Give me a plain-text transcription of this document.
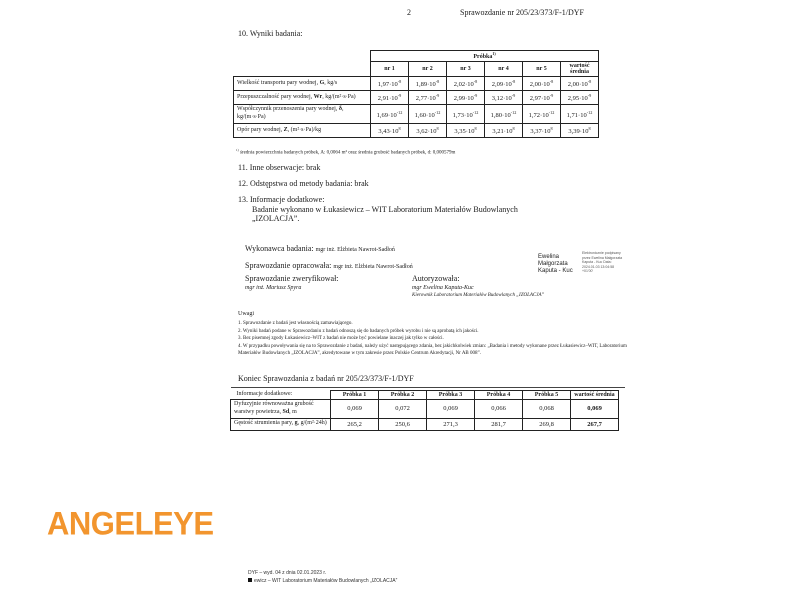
2	Sprawozdanie nr 205/23/373/F-1/DYF
10. Wyniki badania:
	Próbka$^{1)}$
	nr 1	nr 2	nr 3	nr 4	nr 5	wartość średnia
Wielkość transportu pary wodnej, G, kg/s	$1,97\cdot 10^{-8}$	$1,89\cdot 10^{-8}$	$2,02\cdot 10^{-8}$	$2,09\cdot 10^{-8}$	$2,00\cdot 10^{-8}$	$2,00\cdot 10^{-8}$
Przepuszczalność pary wodnej, Wr, kg/(m²·s·Pa)	$2,91\cdot 10^{-9}$	$2,77\cdot 10^{-9}$	$2,99\cdot 10^{-9}$	$3,12\cdot 10^{-9}$	$2,97\cdot 10^{-9}$	$2,95\cdot 10^{-9}$
Współczynnik przenoszenia pary wodnej, δ, kg/(m·s·Pa)	$1,69\cdot 10^{-12}$	$1,60\cdot 10^{-12}$	$1,73\cdot 10^{-12}$	$1,80\cdot 10^{-12}$	$1,72\cdot 10^{-12}$	$1,71\cdot 10^{-12}$
Opór pary wodnej, Z, (m²·s·Pa)/kg	$3,43\cdot 10^8$	$3,62\cdot 10^8$	$3,35\cdot 10^8$	$3,21\cdot 10^8$	$3,37\cdot 10^8$	$3,39\cdot 10^8$
$^{1)}$ średnia powierzchnia badanych próbek, A: 0,0064 m² oraz średnia grubość badanych próbek, d: 0,000579m
11. Inne obserwacje: brak
12. Odstępstwa od metody badania: brak
13. Informacje dodatkowe:
Badanie wykonano w Łukasiewicz – WIT Laboratorium Materiałów Budowlanych
„IZOLACJA”.
Wykonawca badania: mgr inż. Elżbieta Nawrot-Sadłoń
Sprawozdanie opracowała: mgr inż. Elżbieta Nawrot-Sadłoń
Sprawozdanie zweryfikował:
mgr inż. Mariusz Spyra
Autoryzowała:
mgr Ewelina Kaputa-Kuc
Kierownik Laboratorium Materiałów Budowlanych „IZOLACJA”
Ewelina Małgorzata Kaputa - Kuc
Elektronicznie podpisany przez Ewelina Małgorzata Kaputa - Kuc Data: 2024.01.03 13:04:58 +01'00'
Uwagi
1. Sprawozdanie z badań jest własnością zamawiającego.
2. Wyniki badań podane w Sprawozdaniu z badań odnoszą się do badanych próbek wyrobu i nie są aprobatą ich jakości.
3. Bez pisemnej zgody Łukasiewicz–WIT z badań nie może być powielane inaczej jak tylko w całości.
4. W przypadku powoływania się na to Sprawozdanie z badań, należy użyć następującego zdania, bez jakichkolwiek zmian: „Badania i metody wykonane przez Łukasiewicz–WIT, Laboratorium Materiałów Budowlanych „IZOLACJA”, akredytowane w tym zakresie przez Polskie Centrum Akredytacji, Nr AB 008”.
Koniec Sprawozdania z badań nr 205/23/373/F-1/DYF
Informacje dodatkowe:	Próbka 1	Próbka 2	Próbka 3	Próbka 4	Próbka 5	wartość średnia
Dyfuzyjnie równoważna grubość warstwy powietrza, Sd, m	0,069	0,072	0,069	0,066	0,068	0,069
Gęstość strumienia pary, g, g/(m²·24h)	265,2	250,6	271,3	281,7	269,8	267,7
ANGELEYE
DYF – wyd. 04 z dnia 02.01.2023 r.
ewicz – WIT Laboratorium Materiałów Budowlanych „IZOLACJA”
